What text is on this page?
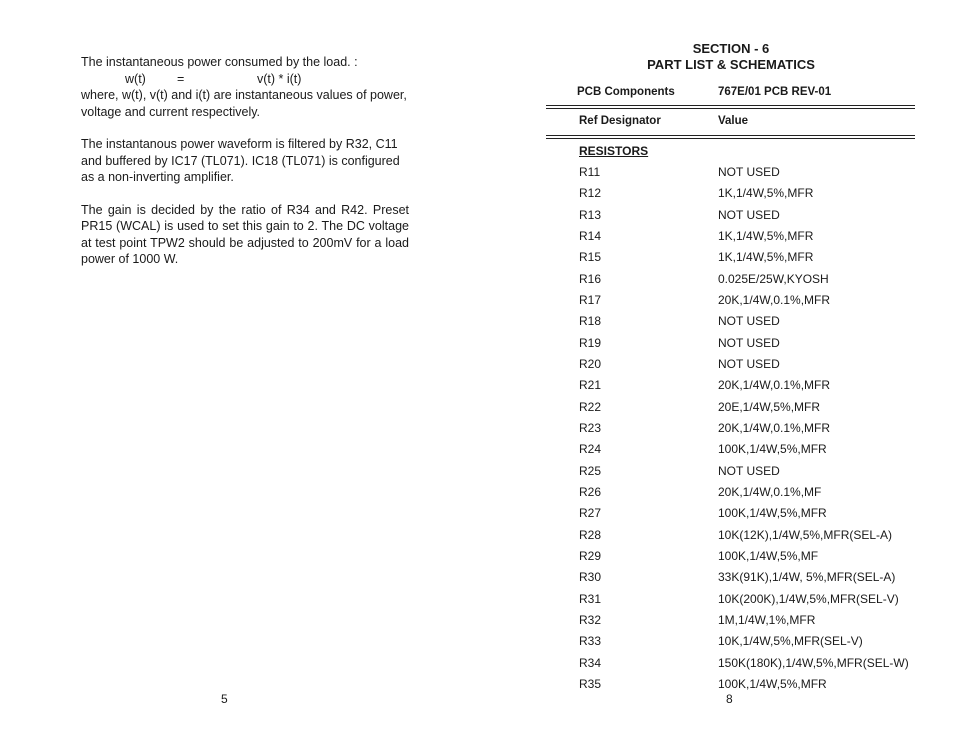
The instantaneous power consumed by the load. :

w(t)	=	v(t) * i(t)

where, w(t), v(t) and i(t) are instantaneous values of power, voltage and current respectively.

The instantanous power waveform is filtered by R32, C11 and buffered by IC17 (TL071). IC18 (TL071) is configured as a non-inverting amplifier.

The gain is decided by the ratio of R34 and R42. Preset PR15 (WCAL) is used to set this gain to 2. The DC voltage at test point TPW2 should be adjusted to 200mV for a load power of 1000 W.

5
SECTION - 6
PART LIST & SCHEMATICS
PCB Components	767E/01 PCB REV-01
Ref Designator	Value
RESISTORS
R11	NOT USED
R12	1K,1/4W,5%,MFR
R13	NOT USED
R14	1K,1/4W,5%,MFR
R15	1K,1/4W,5%,MFR
R16	0.025E/25W,KYOSH
R17	20K,1/4W,0.1%,MFR
R18	NOT USED
R19	NOT USED
R20	NOT USED
R21	20K,1/4W,0.1%,MFR
R22	20E,1/4W,5%,MFR
R23	20K,1/4W,0.1%,MFR
R24	100K,1/4W,5%,MFR
R25	NOT USED
R26	20K,1/4W,0.1%,MF
R27	100K,1/4W,5%,MFR
R28	10K(12K),1/4W,5%,MFR(SEL-A)
R29	100K,1/4W,5%,MF
R30	33K(91K),1/4W, 5%,MFR(SEL-A)
R31	10K(200K),1/4W,5%,MFR(SEL-V)
R32	1M,1/4W,1%,MFR
R33	10K,1/4W,5%,MFR(SEL-V)
R34	150K(180K),1/4W,5%,MFR(SEL-W)
R35	100K,1/4W,5%,MFR
8
